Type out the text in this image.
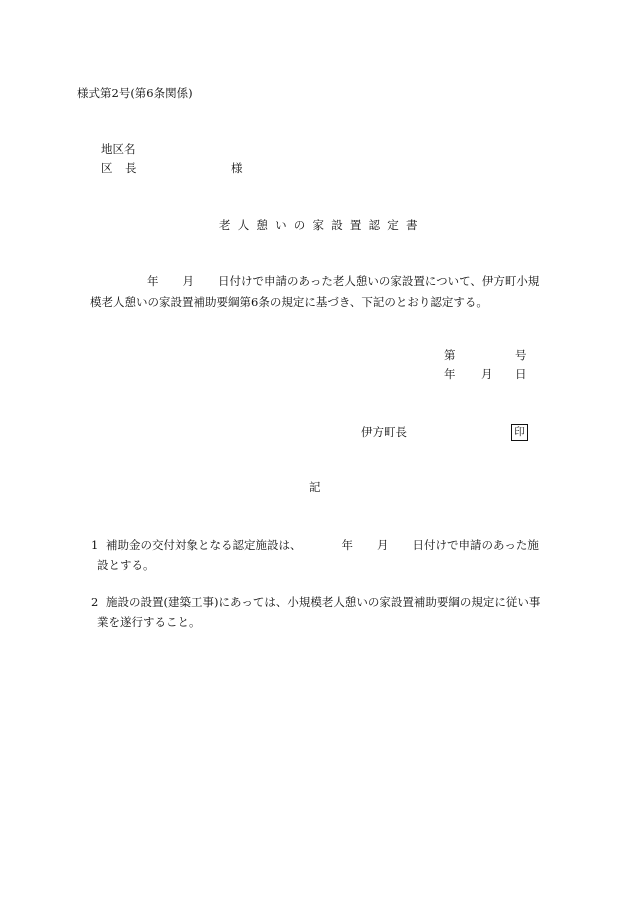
様式第2号(第6条関係)
地区名
区 長	様
老人憩いの家設置認定書
年 月 日付けで申請のあった老人憩いの家設置について、伊方町小規
模老人憩いの家設置補助要綱第6条の規定に基づき、下記のとおり認定する。
第	号
年 月 日
伊方町長	印
記
1 補助金の交付対象となる認定施設は、	年 月 日付けで申請のあった施
設とする。
2 施設の設置(建築工事)にあっては、小規模老人憩いの家設置補助要綱の規定に従い事
業を遂行すること。
